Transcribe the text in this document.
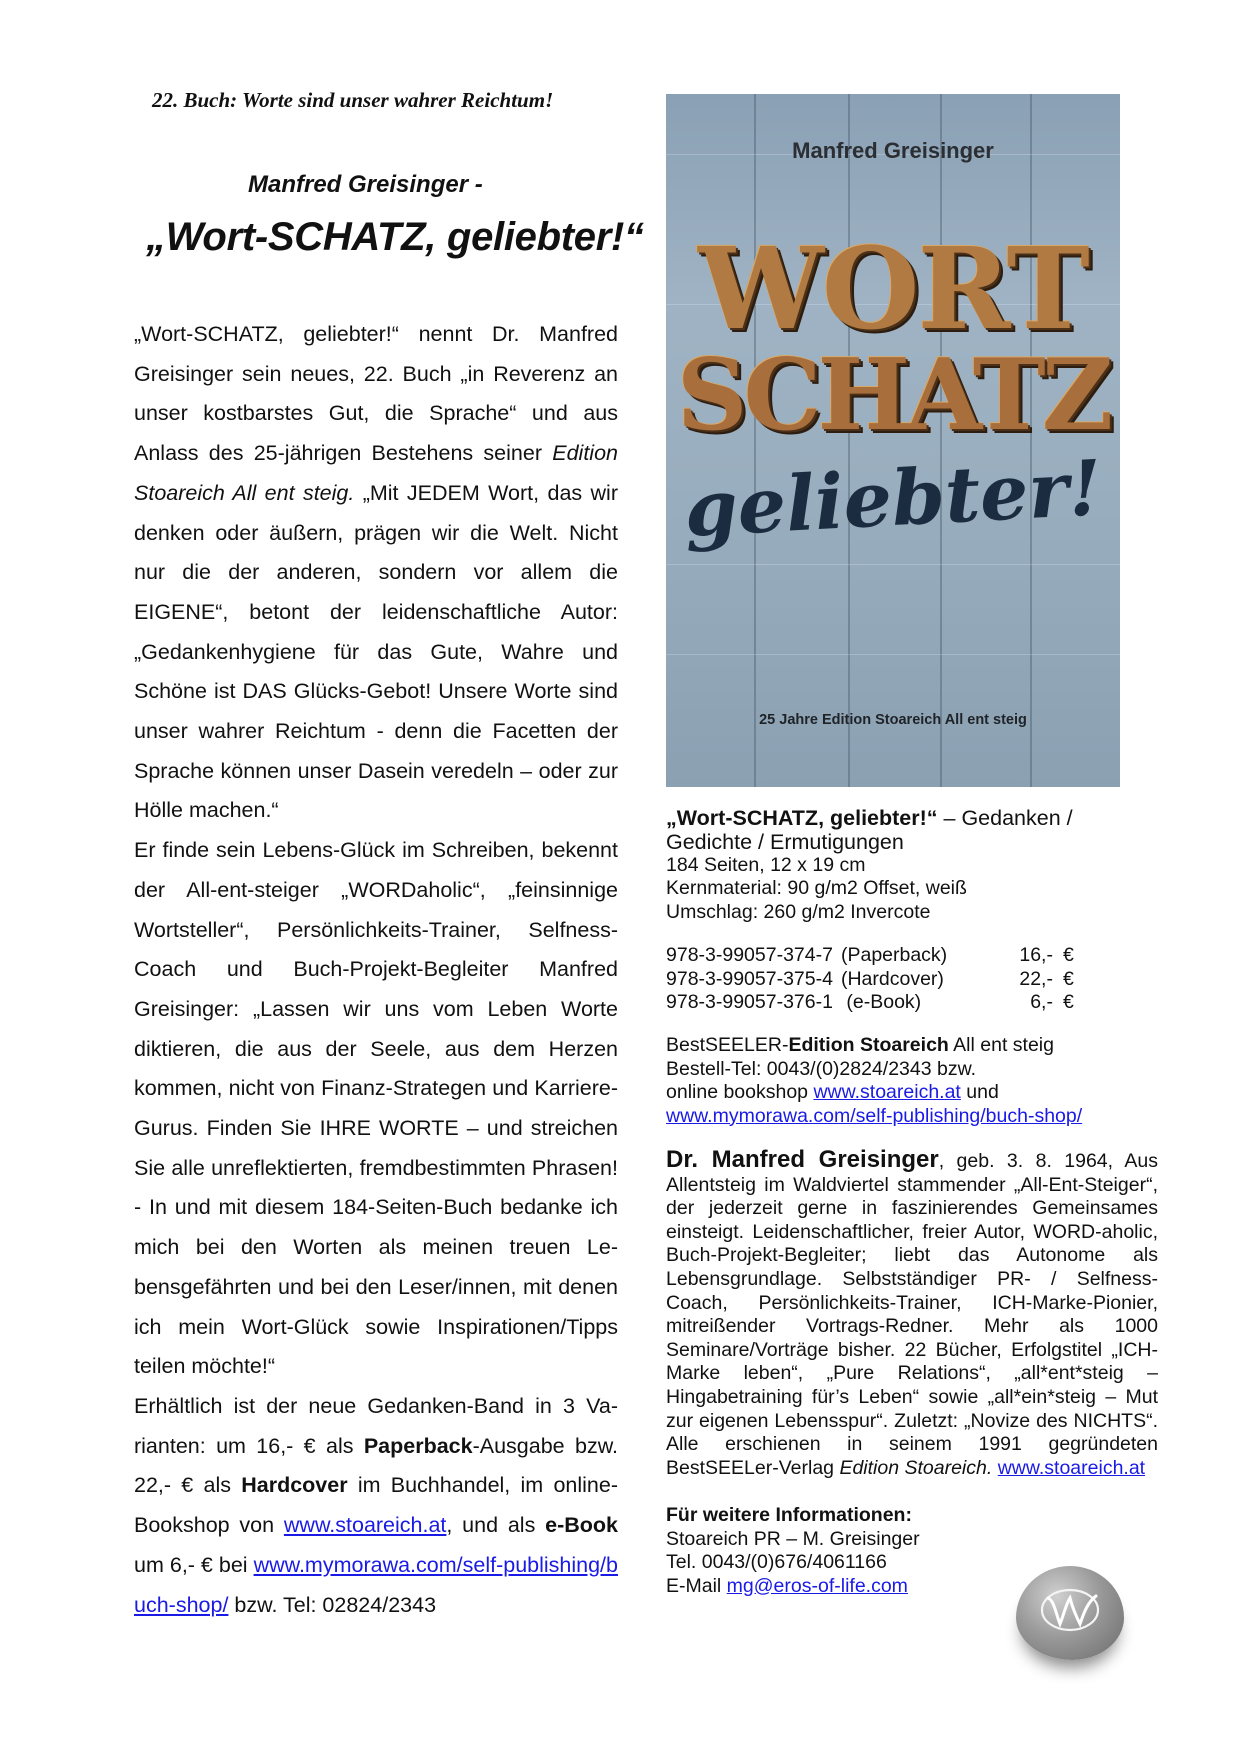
22. Buch: Worte sind unser wahrer Reichtum!
Manfred Greisinger -
„Wort-SCHATZ, geliebter!“

„Wort-SCHATZ, geliebter!“ nennt Dr. Manfred Greisinger sein neues, 22. Buch „in Reverenz an unser kostbarstes Gut, die Sprache“ und aus Anlass des 25-jährigen Bestehens seiner Edition Stoareich All ent steig. „Mit JEDEM Wort, das wir denken oder äußern, prägen wir die Welt. Nicht nur die der anderen, sondern vor allem die EIGENE“, betont der leidenschaftliche Autor: „Gedankenhygiene für das Gute, Wahre und Schöne ist DAS Glücks-Gebot! Unsere Worte sind unser wahrer Reichtum - denn die Facetten der Sprache können unser Dasein veredeln – oder zur Hölle machen.“

Er finde sein Lebens-Glück im Schreiben, bekennt der All-ent-steiger „WORDaholic“, „feinsinnige Wortsteller“, Persönlichkeits-Trainer, Selfness-Coach und Buch-Projekt-Begleiter Manfred Greisinger: „Lassen wir uns vom Leben Worte diktieren, die aus der Seele, aus dem Herzen kommen, nicht von Finanz-Strategen und Karriere-Gurus. Finden Sie IHRE WORTE – und streichen Sie alle unreflektierten, fremdbestimmten Phrasen! - In und mit diesem 184-Seiten-Buch bedanke ich mich bei den Worten als meinen treuen Lebensgefährten und bei den Leser/innen, mit denen ich mein Wort-Glück sowie Inspirationen/Tipps teilen möchte!“

Erhältlich ist der neue Gedanken-Band in 3 Varianten: um 16,- € als Paperback-Ausgabe bzw. 22,- € als Hardcover im Buchhandel, im online-Bookshop von www.stoareich.at, und als e-Book um 6,- € bei www.mymorawa.com/self-publishing/buch-shop/ bzw. Tel: 02824/2343

Manfred Greisinger
WORT
SCHATZ
geliebter!
25 Jahre Edition Stoareich All ent steig
„Wort-SCHATZ, geliebter!“ – Gedanken / Gedichte / Ermutigungen
184 Seiten, 12 x 19 cm
Kernmaterial: 90 g/m2 Offset, weiß
Umschlag: 260 g/m2 Invercote
978-3-99057-374-7	(Paperback)	16,-	€
978-3-99057-375-4	(Hardcover)	22,-	€
978-3-99057-376-1	(e-Book)	6,-	€
BestSEELER-Edition Stoareich All ent steig
Bestell-Tel: 0043/(0)2824/2343 bzw.
online bookshop www.stoareich.at und
www.mymorawa.com/self-publishing/buch-shop/
Dr. Manfred Greisinger, geb. 3. 8. 1964, Aus Allentsteig im Waldviertel stammender „All-Ent-Steiger“, der jederzeit gerne in faszinierendes Gemeinsames einsteigt. Leidenschaftlicher, freier Autor, WORD-aholic, Buch-Projekt-Begleiter; liebt das Autonome als Lebensgrundlage. Selbstständiger PR- / Selfness-Coach, Persönlichkeits-Trainer, ICH-Marke-Pionier, mitreißender Vortrags-Redner. Mehr als 1000 Seminare/Vorträge bisher. 22 Bücher, Erfolgstitel „ICH-Marke leben“, „Pure Relations“, „all*ent*steig – Hingabetraining für’s Leben“ sowie „all*ein*steig – Mut zur eigenen Lebensspur“. Zuletzt: „Novize des NICHTS“. Alle erschienen in seinem 1991 gegründeten BestSEELer-Verlag Edition Stoareich. www.stoareich.at
Für weitere Informationen:
Stoareich PR – M. Greisinger
Tel. 0043/(0)676/4061166
E-Mail mg@eros-of-life.com
